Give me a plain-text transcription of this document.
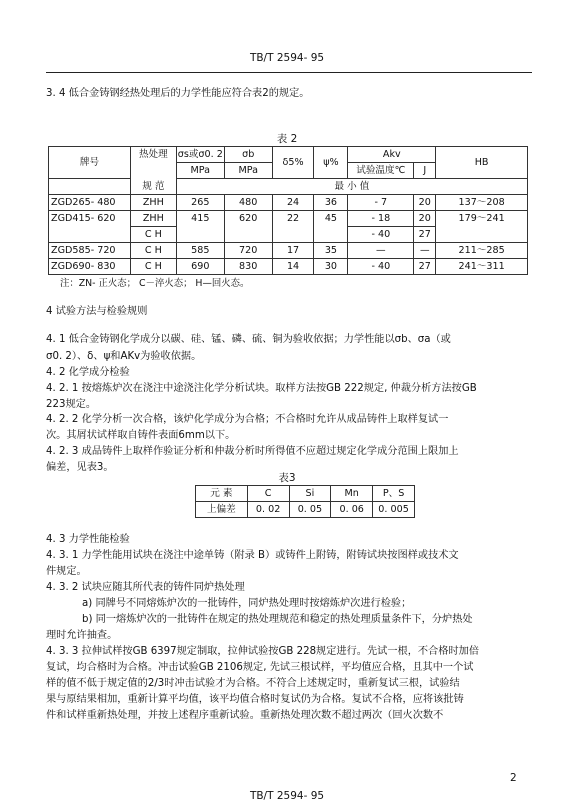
TB/T 2594- 95
3. 4 低合金铸钢经热处理后的力学性能应符合表2的规定。
表 2
牌号	热处理	σs或σ0. 2	σb	δ5%	ψ%	Akv		HB
		MPa	MPa			试验温度℃	J	
	规 范	最 小 值						
ZGD265- 480	ZHH	265	480	24	36	- 7	20	137～208
ZGD415- 620	ZHH	415	620	22	45	- 18	20	179～241
	C H					- 40	27	
ZGD585- 720	C H	585	720	17	35	—	—	211～285
ZGD690- 830	C H	690	830	14	30	- 40	27	241～311
注：ZN- 正火态； C－淬火态； H—回火态。
4 试验方法与检验规则
4. 1 低合金铸钢化学成分以碳、硅、锰、磷、硫、铜为验收依据；力学性能以σb、σa（或
σ0. 2）、δ、ψ和AKv为验收依据。
4. 2 化学成分检验
4. 2. 1 按熔炼炉次在浇注中途浇注化学分析试块。取样方法按GB 222规定, 仲裁分析方法按GB
223规定。
4. 2. 2 化学分析一次合格，该炉化学成分为合格；不合格时允许从成品铸件上取样复试一
次。其屑状试样取自铸件表面6mm以下。
4. 2. 3 成品铸件上取样作验证分析和仲裁分析时所得值不应超过规定化学成分范围上限加上
偏差，见表3。
表3
元 素	C	Si	Mn	P、S
上偏差	0. 02	0. 05	0. 06	0. 005
4. 3 力学性能检验
4. 3. 1 力学性能用试块在浇注中途单铸（附录 B）或铸件上附铸，附铸试块按图样或技术文
件规定。
4. 3. 2 试块应随其所代表的铸件同炉热处理
a) 同牌号不同熔炼炉次的一批铸件，同炉热处理时按熔炼炉次进行检验；
b) 同一熔炼炉次的一批铸件在规定的热处理规范和稳定的热处理质量条件下，分炉热处
理时允许抽查。
4. 3. 3 拉伸试样按GB 6397规定制取，拉伸试验按GB 228规定进行。先试一根，不合格时加倍
复试，均合格时为合格。冲击试验GB 2106规定, 先试三根试样，平均值应合格，且其中一个试
样的值不低于规定值的2/3时冲击试验才为合格。不符合上述规定时，重新复试三根，试验结
果与原结果相加，重新计算平均值，该平均值合格时复试仍为合格。复试不合格，应将该批铸
件和试样重新热处理，并按上述程序重新试验。重新热处理次数不超过两次（回火次数不
2
TB/T 2594- 95
